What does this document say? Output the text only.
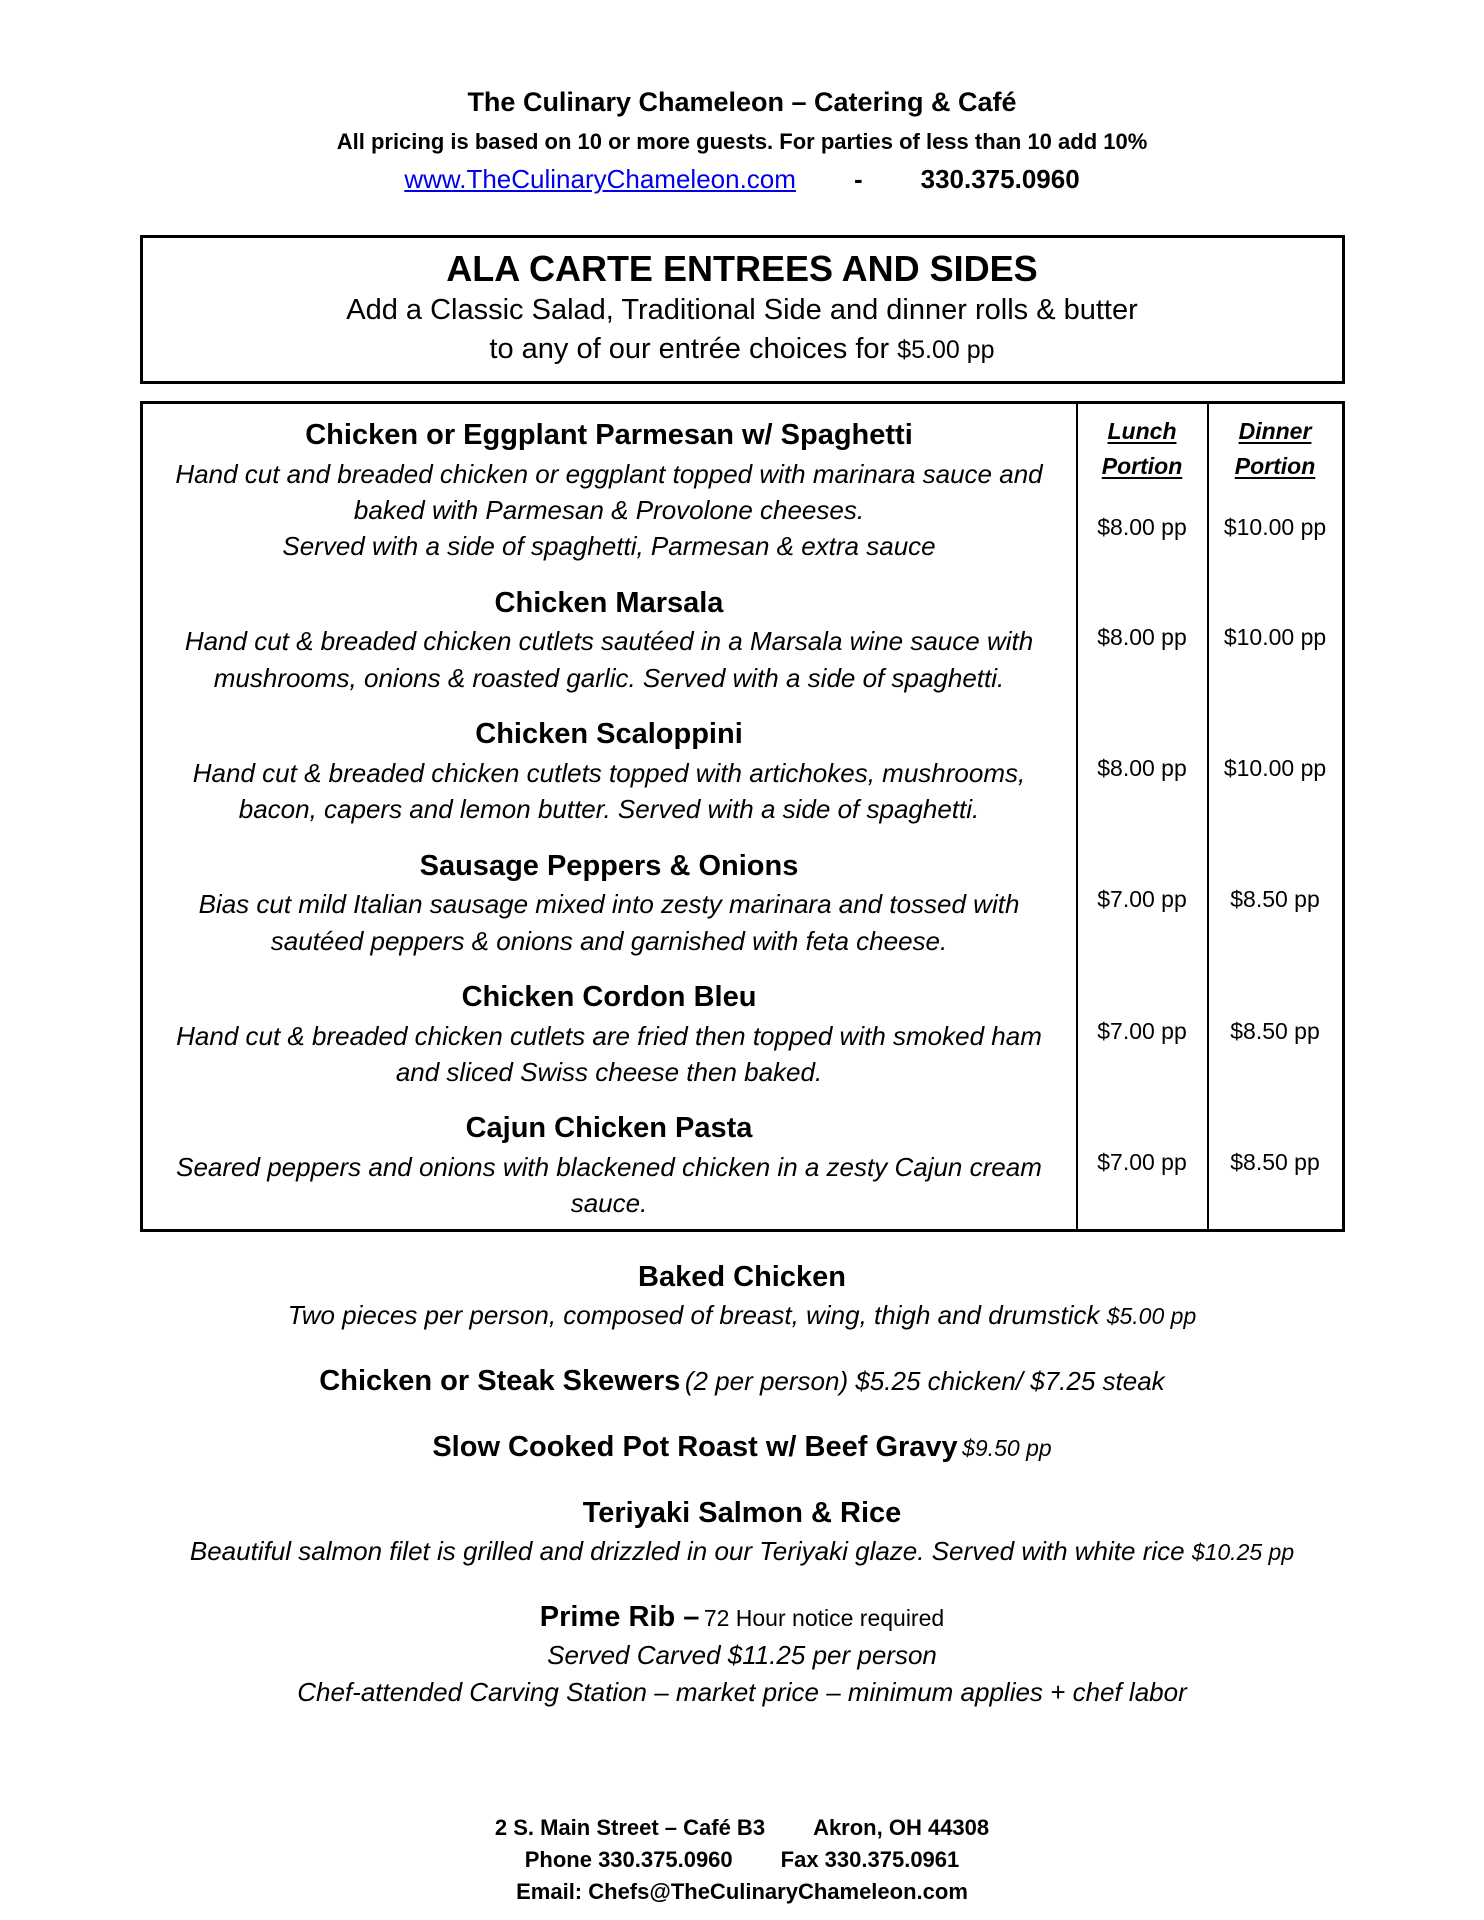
The Culinary Chameleon – Catering & Café
All pricing is based on 10 or more guests. For parties of less than 10 add 10%
www.TheCulinaryChameleon.com - 330.375.0960
ALA CARTE ENTREES AND SIDES
Add a Classic Salad, Traditional Side and dinner rolls & butter
to any of our entrée choices for $5.00 pp
Chicken or Eggplant Parmesan w/ Spaghetti
Hand cut and breaded chicken or eggplant topped with marinara sauce and baked with Parmesan & Provolone cheeses.
Served with a side of spaghetti, Parmesan & extra sauce
Lunch Portion
$8.00 pp
Dinner Portion
$10.00 pp
Chicken Marsala
Hand cut & breaded chicken cutlets sautéed in a Marsala wine sauce with mushrooms, onions & roasted garlic. Served with a side of spaghetti.
$8.00 pp $10.00 pp
Chicken Scaloppini
Hand cut & breaded chicken cutlets topped with artichokes, mushrooms, bacon, capers and lemon butter. Served with a side of spaghetti.
$8.00 pp $10.00 pp
Sausage Peppers & Onions
Bias cut mild Italian sausage mixed into zesty marinara and tossed with sautéed peppers & onions and garnished with feta cheese.
$7.00 pp $8.50 pp
Chicken Cordon Bleu
Hand cut & breaded chicken cutlets are fried then topped with smoked ham and sliced Swiss cheese then baked.
$7.00 pp $8.50 pp
Cajun Chicken Pasta
Seared peppers and onions with blackened chicken in a zesty Cajun cream sauce.
$7.00 pp $8.50 pp
Baked Chicken
Two pieces per person, composed of breast, wing, thigh and drumstick $5.00 pp
Chicken or Steak Skewers (2 per person) $5.25 chicken/ $7.25 steak
Slow Cooked Pot Roast w/ Beef Gravy $9.50 pp
Teriyaki Salmon & Rice
Beautiful salmon filet is grilled and drizzled in our Teriyaki glaze. Served with white rice $10.25 pp
Prime Rib – 72 Hour notice required
Served Carved $11.25 per person
Chef-attended Carving Station – market price – minimum applies + chef labor
2 S. Main Street – Café B3 Akron, OH 44308
Phone 330.375.0960 Fax 330.375.0961
Email: Chefs@TheCulinaryChameleon.com
